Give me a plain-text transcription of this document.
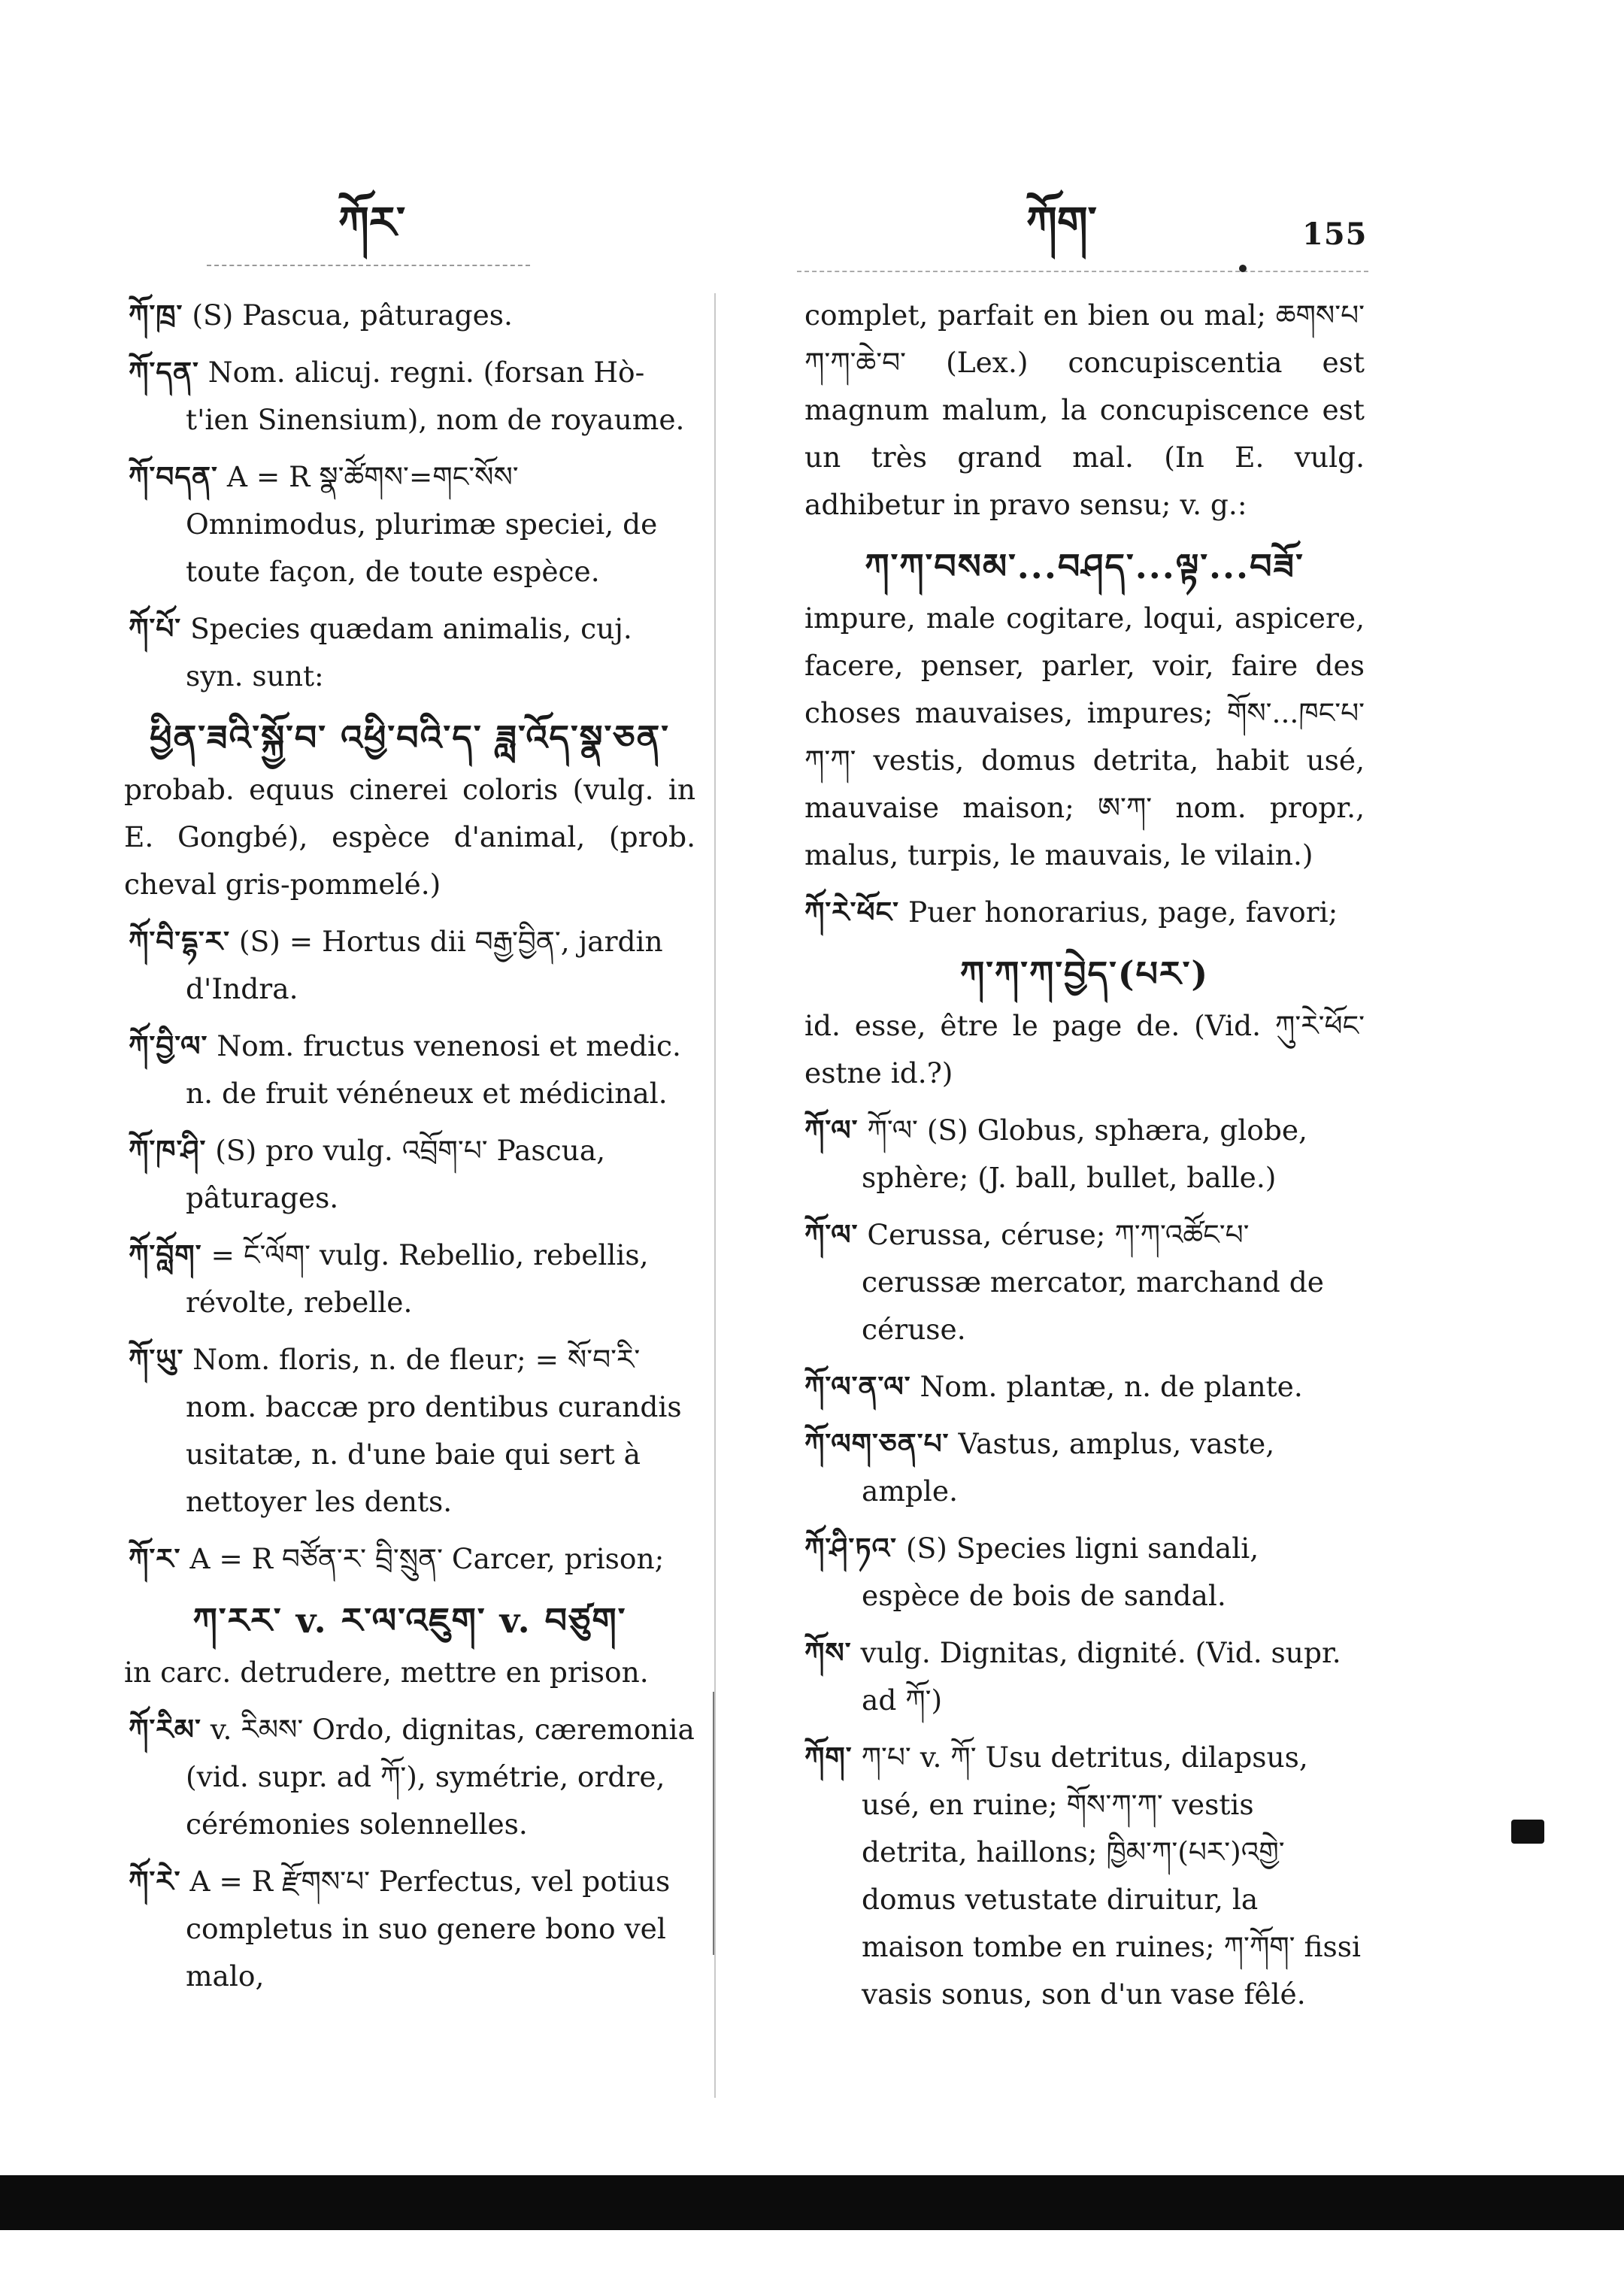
ཀོར་	ཀོག་	155
ཀོ་ཁྲ་ (S) Pascua, pâturages.
ཀོ་དན་ Nom. alicuj. regni. (forsan Hò-t'ien Sinensium), nom de royaume.
ཀོ་བདན་ A = R སྣ་ཚོགས་=གང་སོས་ Omnimodus, plurimæ speciei, de toute façon, de toute espèce.
ཀོ་པོ་ Species quædam animalis, cuj. syn. sunt:
ཕྱིན་ཟའི་སྐྱོ་བ་ འཕྱི་བའི་ད་ ཟླ་འོད་སྣ་ཅན་
probab. equus cinerei coloris (vulg. in E. Gongbé), espèce d'animal, (prob. cheval gris-pommelé.)
ཀོ་བི་དྷ་ར་ (S) = Hortus dii བརྒྱ་བྱིན་, jardin d'Indra.
ཀོ་བྱི་ལ་ Nom. fructus venenosi et medic. n. de fruit vénéneux et médicinal.
ཀོ་ཁ་ཤི་ (S) pro vulg. འབྲོག་པ་ Pascua, pâturages.
ཀོ་བློག་ = ངོ་ལོག་ vulg. Rebellio, rebellis, révolte, rebelle.
ཀོ་ཡུ་ Nom. floris, n. de fleur; = སོ་བ་རི་ nom. baccæ pro dentibus curandis usitatæ, n. d'une baie qui sert à nettoyer les dents.
ཀོ་ར་ A = R བཙོན་ར་ བྲི་སྲུན་ Carcer, prison;
ཀ་རར་ v. ར་ལ་འཇུག་ v. བཙུག་
in carc. detrudere, mettre en prison.
ཀོ་རིམ་ v. རིམས་ Ordo, dignitas, cæremonia (vid. supr. ad ཀོ་), symétrie, ordre, cérémonies solennelles.
ཀོ་རེ་ A = R རྫོགས་པ་ Perfectus, vel potius completus in suo genere bono vel malo,
complet, parfait en bien ou mal; ཆགས་པ་ཀ་ཀ་ཆེ་བ་ (Lex.) concupiscentia est magnum malum, la concupiscence est un très grand mal. (In E. vulg. adhibetur in pravo sensu; v. g.:
ཀ་ཀ་བསམ་...བཤད་...ལྟ་...བཟོ་
impure, male cogitare, loqui, aspicere, facere, penser, parler, voir, faire des choses mauvaises, impures; གོས་...ཁང་པ་ཀ་ཀ་ vestis, domus detrita, habit usé, mauvaise maison; ཨ་ཀ་ nom. propr., malus, turpis, le mauvais, le vilain.)
ཀོ་རེ་ཕོང་ Puer honorarius, page, favori;
ཀ་ཀ་ཀ་བྱེད་(པར་)
id. esse, être le page de. (Vid. ཀུ་རེ་ཕོང་ estne id.?)
ཀོ་ལ་ ཀོ་ལ་ (S) Globus, sphæra, globe, sphère; (J. ball, bullet, balle.)
ཀོ་ལ་ Cerussa, céruse; ཀ་ཀ་འཚོང་པ་ cerussæ mercator, marchand de céruse.
ཀོ་ལ་ན་ལ་ Nom. plantæ, n. de plante.
ཀོ་ལག་ཅན་པ་ Vastus, amplus, vaste, ample.
ཀོ་ཤི་ཏའ་ (S) Species ligni sandali, espèce de bois de sandal.
ཀོས་ vulg. Dignitas, dignité. (Vid. supr. ad ཀོ་)
ཀོག་ ཀ་པ་ v. ཀོ་ Usu detritus, dilapsus, usé, en ruine; གོས་ཀ་ཀ་ vestis detrita, haillons; ཁྱིམ་ཀ་(པར་)འགྱེ་ domus vetustate diruitur, la maison tombe en ruines; ཀ་ཀོག་ fissi vasis sonus, son d'un vase fêlé.
